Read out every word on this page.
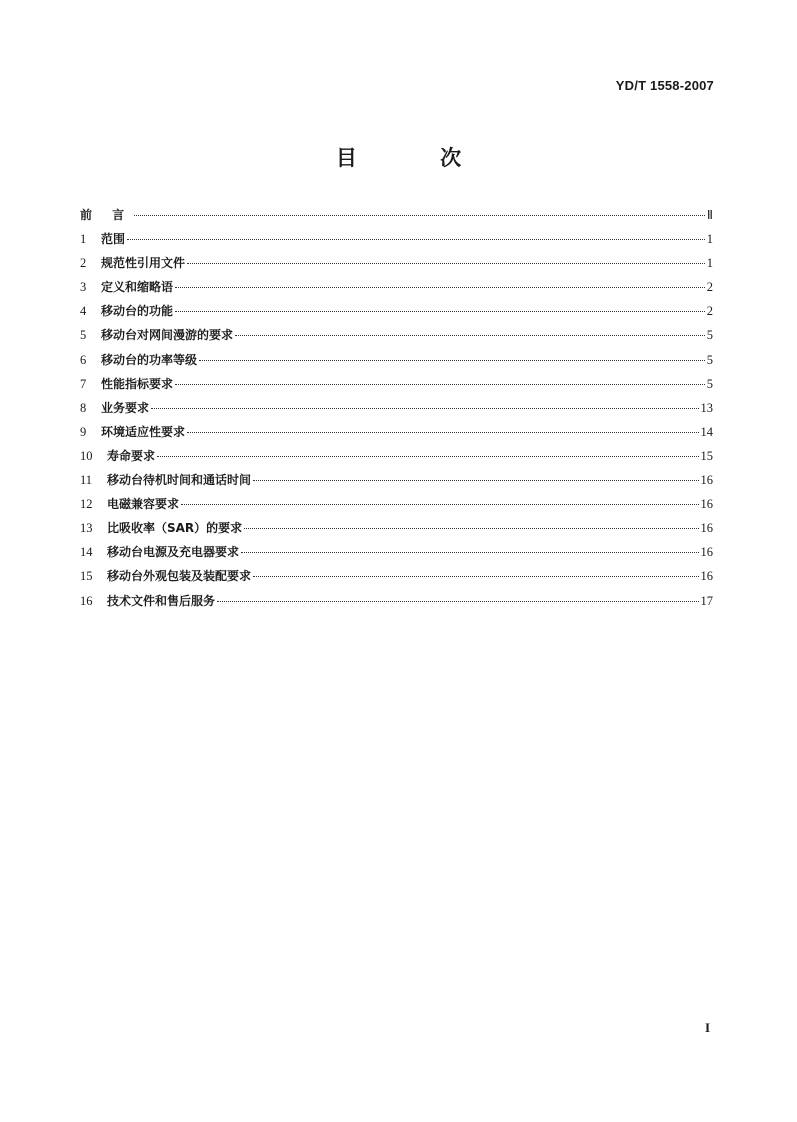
YD/T 1558-2007
目 次
前 言	Ⅱ
1	范围	1
2	规范性引用文件	1
3	定义和缩略语	2
4	移动台的功能	2
5	移动台对网间漫游的要求	5
6	移动台的功率等级	5
7	性能指标要求	5
8	业务要求	13
9	环境适应性要求	14
10	寿命要求	15
11	移动台待机时间和通话时间	16
12	电磁兼容要求	16
13	比吸收率（SAR）的要求	16
14	移动台电源及充电器要求	16
15	移动台外观包装及装配要求	16
16	技术文件和售后服务	17
I
